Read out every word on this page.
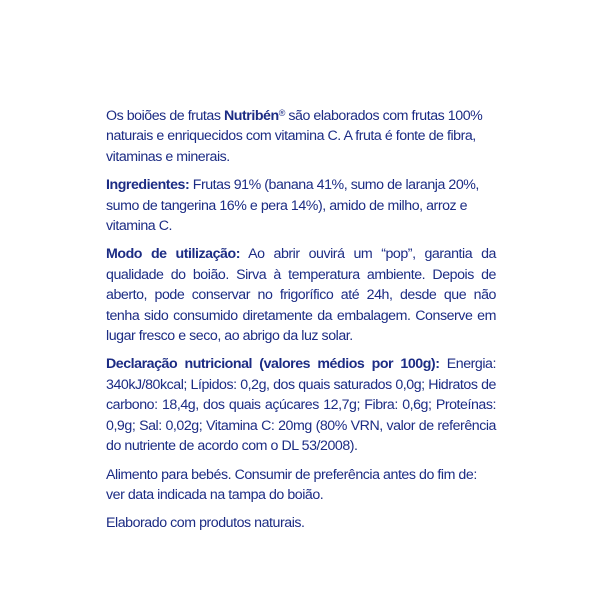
Os boiões de frutas Nutribén® são elaborados com frutas 100% naturais e enriquecidos com vitamina C. A fruta é fonte de fibra, vitaminas e minerais.

Ingredientes: Frutas 91% (banana 41%, sumo de laranja 20%, sumo de tangerina 16% e pera 14%), amido de milho, arroz e vitamina C.

Modo de utilização: Ao abrir ouvirá um “pop”, garantia da qualidade do boião. Sirva à temperatura ambiente. Depois de aberto, pode conservar no frigorífico até 24h, desde que não tenha sido consumido diretamente da embalagem. Conserve em lugar fresco e seco, ao abrigo da luz solar.

Declaração nutricional (valores médios por 100g): Energia: 340kJ/80kcal; Lípidos: 0,2g, dos quais saturados 0,0g; Hidratos de carbono: 18,4g, dos quais açúcares 12,7g; Fibra: 0,6g; Proteínas: 0,9g; Sal: 0,02g; Vitamina C: 20mg (80% VRN, valor de referência do nutriente de acordo com o DL 53/2008).

Alimento para bebés. Consumir de preferência antes do fim de: ver data indicada na tampa do boião.

Elaborado com produtos naturais.
